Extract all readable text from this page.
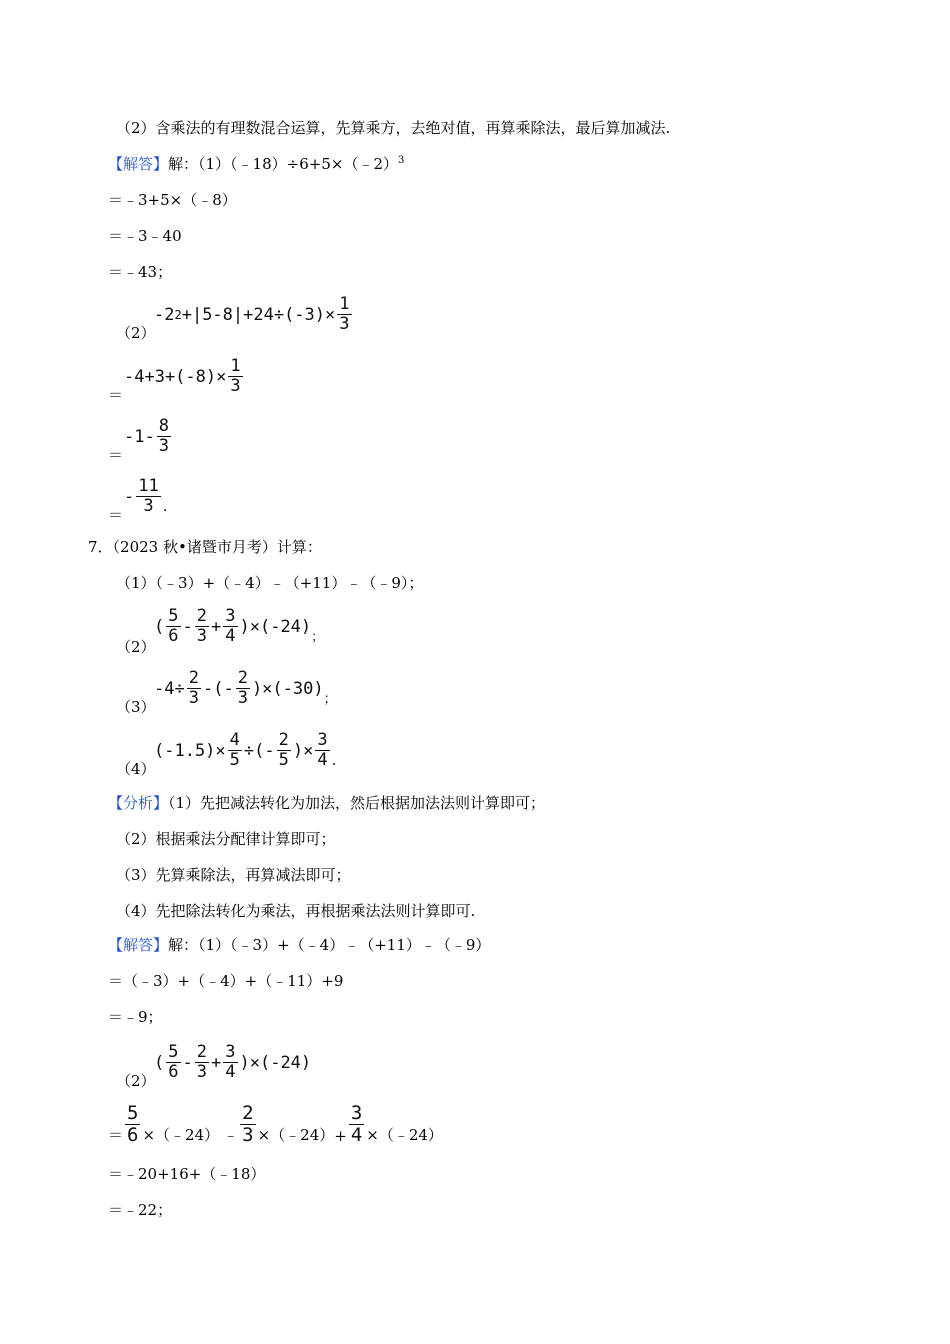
（2）含乘法的有理数混合运算，先算乘方，去绝对值，再算乘除法，最后算加减法.
【解答】解：（1）（﹣18）÷6+5×（﹣2）$^3$
＝﹣3+5×（﹣8）
＝﹣3﹣40
＝﹣43；
（2）
-2 $2 +|5-8|+24\div(-3)\times \frac{1}{3}$
＝
$-4+3+(-8)\times \frac{1}{3}$
＝
$-1- \frac{8}{3}$
＝
- $\frac{11}{3}$ .
7．（2023 秋•诸暨市月考）计算：
（1）（﹣3）+（﹣4）﹣（+11）﹣（﹣9）；
（2）
( $\frac{5}{6} - \frac{2}{3} + \frac{3}{4} )\times(-24)$
；
（3）
$-4\div \frac{2}{3}$ -(- $\frac{2}{3} )\times(-30)$
；
（4）
$(-1.5)\times \frac{4}{5}$ ÷(- $\frac{2}{5}$ )× $\frac{3}{4}$ .
【分析】（1）先把减法转化为加法，然后根据加法法则计算即可；
（2）根据乘法分配律计算即可；
（3）先算乘除法，再算减法即可；
（4）先把除法转化为乘法，再根据乘法法则计算即可.
【解答】解：（1）（﹣3）+（﹣4）﹣（+11）﹣（﹣9）
＝（﹣3）+（﹣4）+（﹣11）+9
＝﹣9；
（2）
( $\frac{5}{6} - \frac{2}{3} + \frac{3}{4} )\times(-24)$
＝ $\frac{5}{6}$ ×（﹣24） ﹣ $\frac{2}{3}$ ×（﹣24） + $\frac{3}{4}$ ×（﹣24）
＝﹣20+16+（﹣18）
＝﹣22；
